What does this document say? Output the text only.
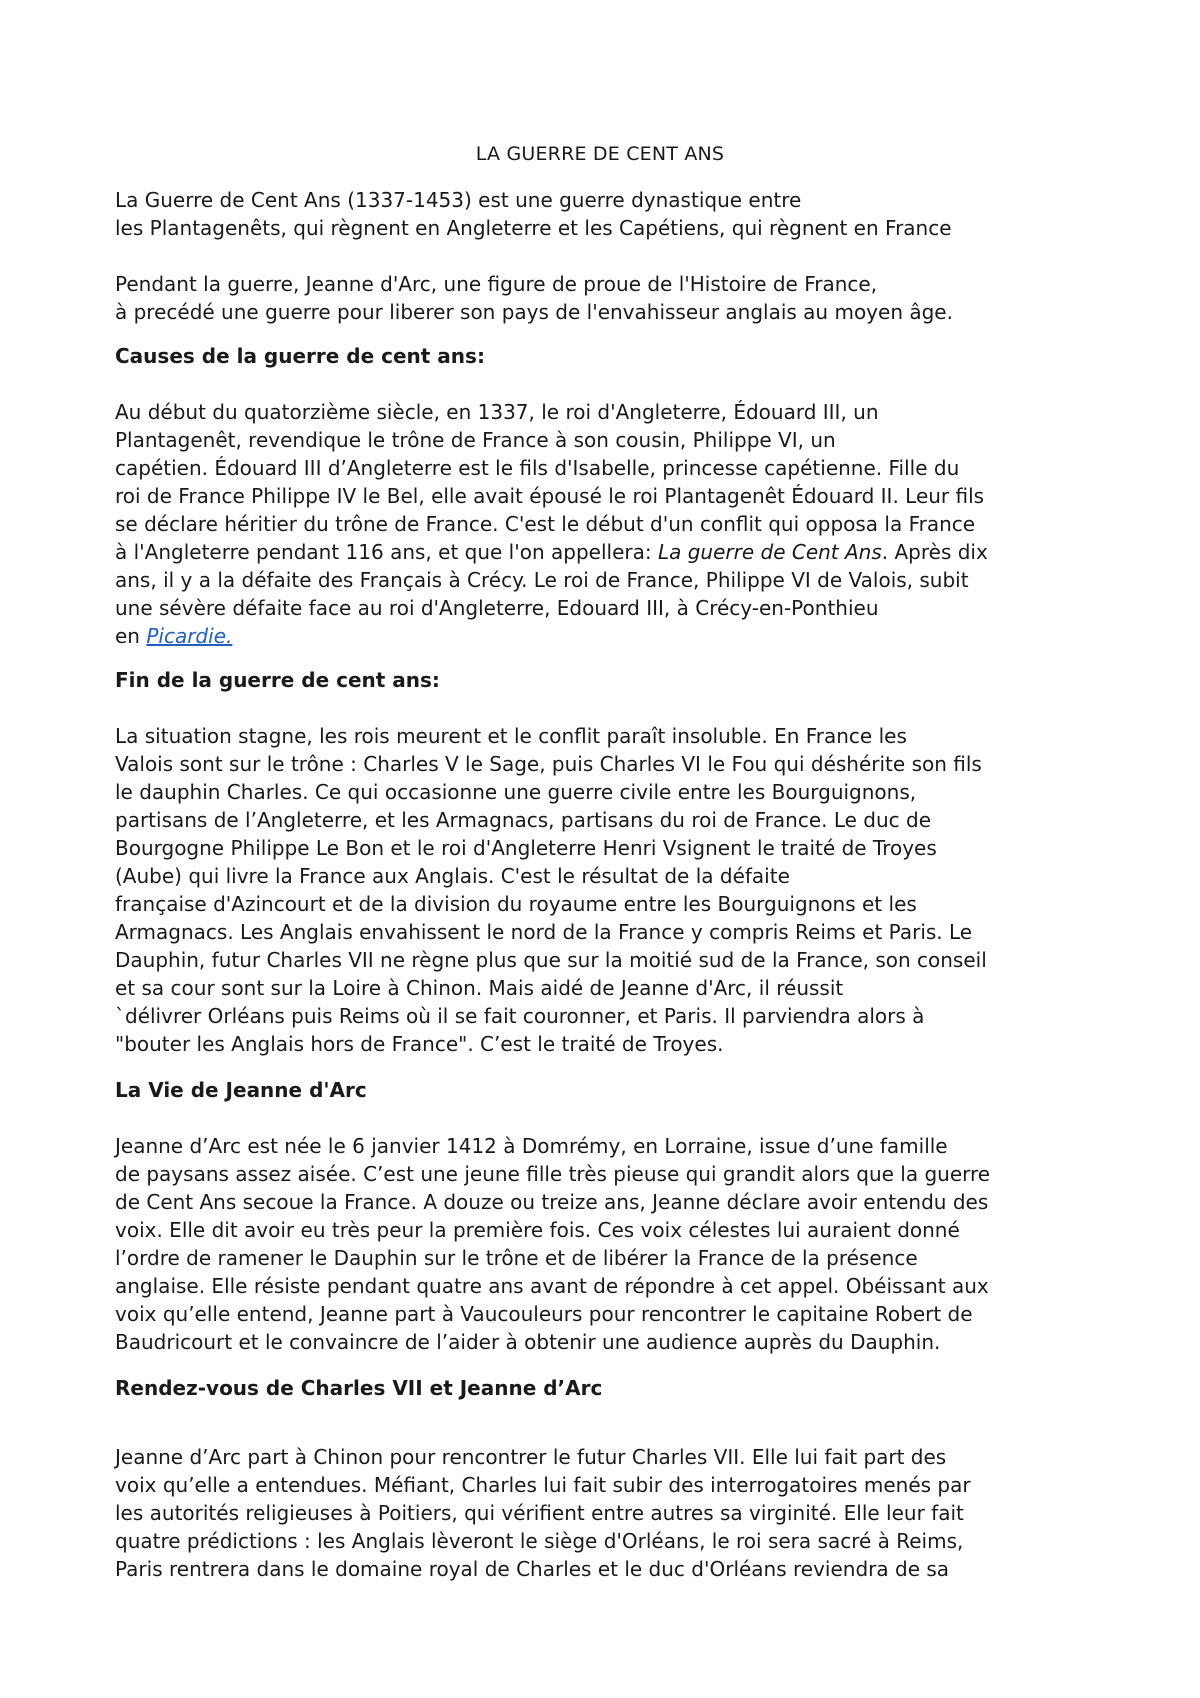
LA GUERRE DE CENT ANS
La Guerre de Cent Ans (1337-1453) est une guerre dynastique entre
les Plantagenêts, qui règnent en Angleterre et les Capétiens, qui règnent en France
Pendant la guerre, Jeanne d'Arc, une figure de proue de l'Histoire de France,
à precédé une guerre pour liberer son pays de l'envahisseur anglais au moyen âge.
Causes de la guerre de cent ans:
Au début du quatorzième siècle, en 1337, le roi d'Angleterre, Édouard III, un
Plantagenêt, revendique le trône de France à son cousin, Philippe VI, un
capétien. Édouard III d’Angleterre est le fils d'Isabelle, princesse capétienne. Fille du
roi de France Philippe IV le Bel, elle avait épousé le roi Plantagenêt Édouard II. Leur fils
se déclare héritier du trône de France. C'est le début d'un conflit qui opposa la France
à l'Angleterre pendant 116 ans, et que l'on appellera: La guerre de Cent Ans. Après dix
ans, il y a la défaite des Français à Crécy. Le roi de France, Philippe VI de Valois, subit
une sévère défaite face au roi d'Angleterre, Edouard III, à Crécy-en-Ponthieu
en Picardie.
Fin de la guerre de cent ans:
La situation stagne, les rois meurent et le conflit paraît insoluble. En France les
Valois sont sur le trône : Charles V le Sage, puis Charles VI le Fou qui déshérite son fils
le dauphin Charles. Ce qui occasionne une guerre civile entre les Bourguignons,
partisans de l’Angleterre, et les Armagnacs, partisans du roi de France. Le duc de
Bourgogne Philippe Le Bon et le roi d'Angleterre Henri Vsignent le traité de Troyes
(Aube) qui livre la France aux Anglais. C'est le résultat de la défaite
française d'Azincourt et de la division du royaume entre les Bourguignons et les
Armagnacs. Les Anglais envahissent le nord de la France y compris Reims et Paris. Le
Dauphin, futur Charles VII ne règne plus que sur la moitié sud de la France, son conseil
et sa cour sont sur la Loire à Chinon. Mais aidé de Jeanne d'Arc, il réussit
`délivrer Orléans puis Reims où il se fait couronner, et Paris. Il parviendra alors à
"bouter les Anglais hors de France". C’est le traité de Troyes.
La Vie de Jeanne d'Arc
Jeanne d’Arc est née le 6 janvier 1412 à Domrémy, en Lorraine, issue d’une famille
de paysans assez aisée. C’est une jeune fille très pieuse qui grandit alors que la guerre
de Cent Ans secoue la France. A douze ou treize ans, Jeanne déclare avoir entendu des
voix. Elle dit avoir eu très peur la première fois. Ces voix célestes lui auraient donné
l’ordre de ramener le Dauphin sur le trône et de libérer la France de la présence
anglaise. Elle résiste pendant quatre ans avant de répondre à cet appel. Obéissant aux
voix qu’elle entend, Jeanne part à Vaucouleurs pour rencontrer le capitaine Robert de
Baudricourt et le convaincre de l’aider à obtenir une audience auprès du Dauphin.
Rendez-vous de Charles VII et Jeanne d’Arc
Jeanne d’Arc part à Chinon pour rencontrer le futur Charles VII. Elle lui fait part des
voix qu’elle a entendues. Méfiant, Charles lui fait subir des interrogatoires menés par
les autorités religieuses à Poitiers, qui vérifient entre autres sa virginité. Elle leur fait
quatre prédictions : les Anglais lèveront le siège d'Orléans, le roi sera sacré à Reims,
Paris rentrera dans le domaine royal de Charles et le duc d'Orléans reviendra de sa
